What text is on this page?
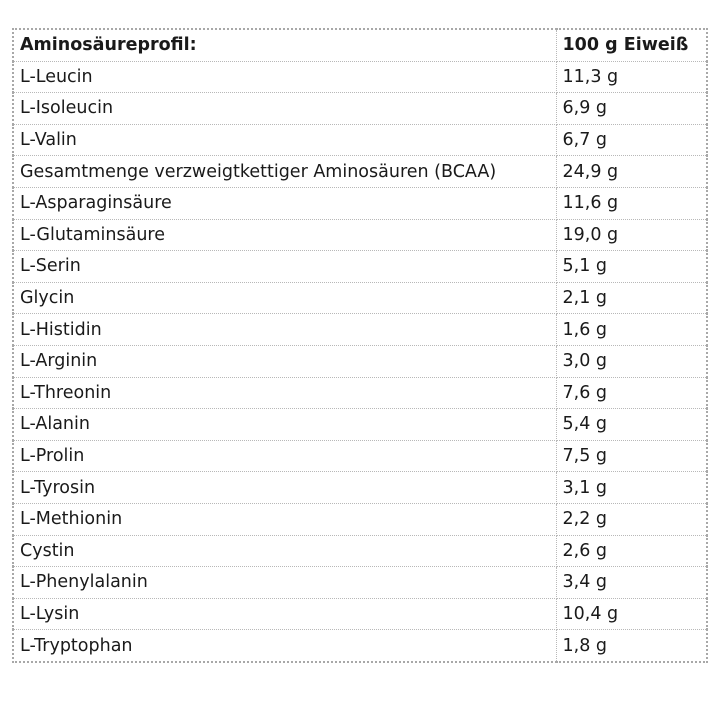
Aminosäureprofil:	100 g Eiweiß
L-Leucin	11,3 g
L-Isoleucin	6,9 g
L-Valin	6,7 g
Gesamtmenge verzweigtkettiger Aminosäuren (BCAA)	24,9 g
L-Asparaginsäure	11,6 g
L-Glutaminsäure	19,0 g
L-Serin	5,1 g
Glycin	2,1 g
L-Histidin	1,6 g
L-Arginin	3,0 g
L-Threonin	7,6 g
L-Alanin	5,4 g
L-Prolin	7,5 g
L-Tyrosin	3,1 g
L-Methionin	2,2 g
Cystin	2,6 g
L-Phenylalanin	3,4 g
L-Lysin	10,4 g
L-Tryptophan	1,8 g
